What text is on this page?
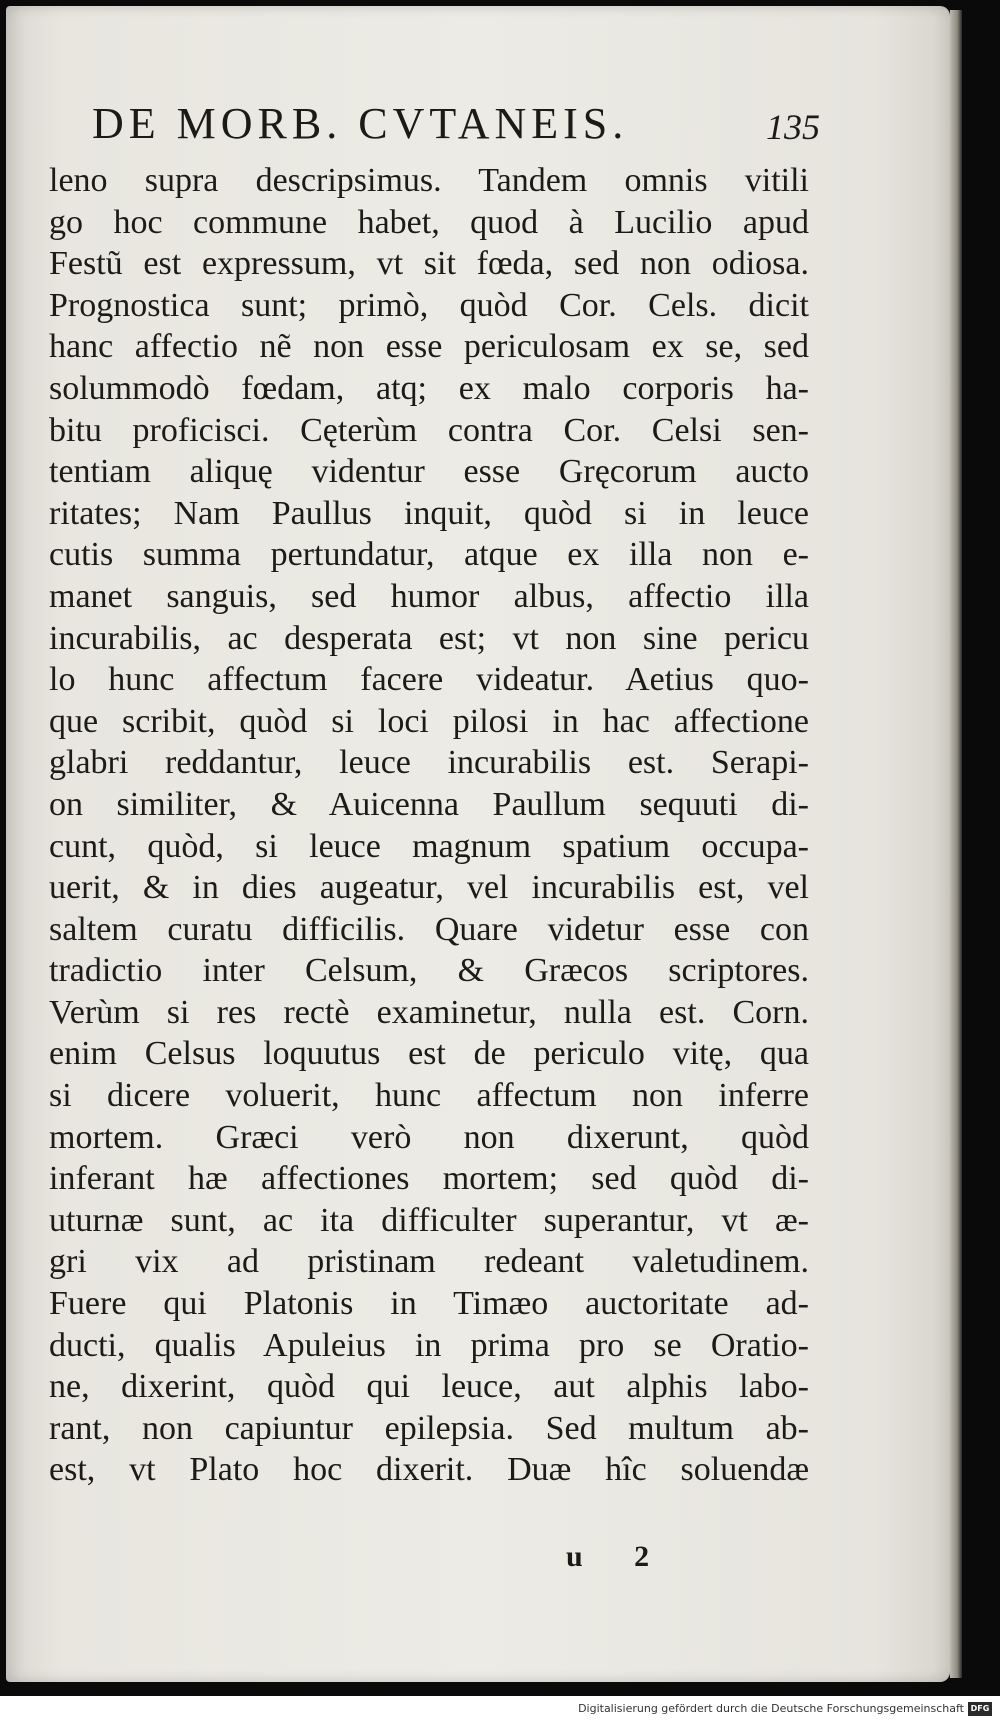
DE MORB. CVTANEIS.	135
leno supra descripsimus. Tandem omnis vitili
go hoc commune habet, quod à Lucilio apud
Festũ est expressum, vt sit fœda, sed non odiosa.
Prognostica sunt; primò, quòd Cor. Cels. dicit
hanc affectio nẽ non esse periculosam ex se, sed
solummodò fœdam, atq; ex malo corporis ha-
bitu proficisci. Cęterùm contra Cor. Celsi sen-
tentiam aliquę videntur esse Gręcorum aucto
ritates; Nam Paullus inquit, quòd si in leuce
cutis summa pertundatur, atque ex illa non e-
manet sanguis, sed humor albus, affectio illa
incurabilis, ac desperata est; vt non sine pericu
lo hunc affectum facere videatur. Aetius quo-
que scribit, quòd si loci pilosi in hac affectione
glabri reddantur, leuce incurabilis est. Serapi-
on similiter, & Auicenna Paullum sequuti di-
cunt, quòd, si leuce magnum spatium occupa-
uerit, & in dies augeatur, vel incurabilis est, vel
saltem curatu difficilis. Quare videtur esse con
tradictio inter Celsum, & Græcos scriptores.
Verùm si res rectè examinetur, nulla est. Corn.
enim Celsus loquutus est de periculo vitę, qua
si dicere voluerit, hunc affectum non inferre
mortem. Græci verò non dixerunt, quòd
inferant hæ affectiones mortem; sed quòd di-
uturnæ sunt, ac ita difficulter superantur, vt æ-
gri vix ad pristinam redeant valetudinem.
Fuere qui Platonis in Timæo auctoritate ad-
ducti, qualis Apuleius in prima pro se Oratio-
ne, dixerint, quòd qui leuce, aut alphis labo-
rant, non capiuntur epilepsia. Sed multum ab-
est, vt Plato hoc dixerit. Duæ hîc soluendæ
u 2
Digitalisierung gefördert durch die Deutsche Forschungsgemeinschaft DFG
